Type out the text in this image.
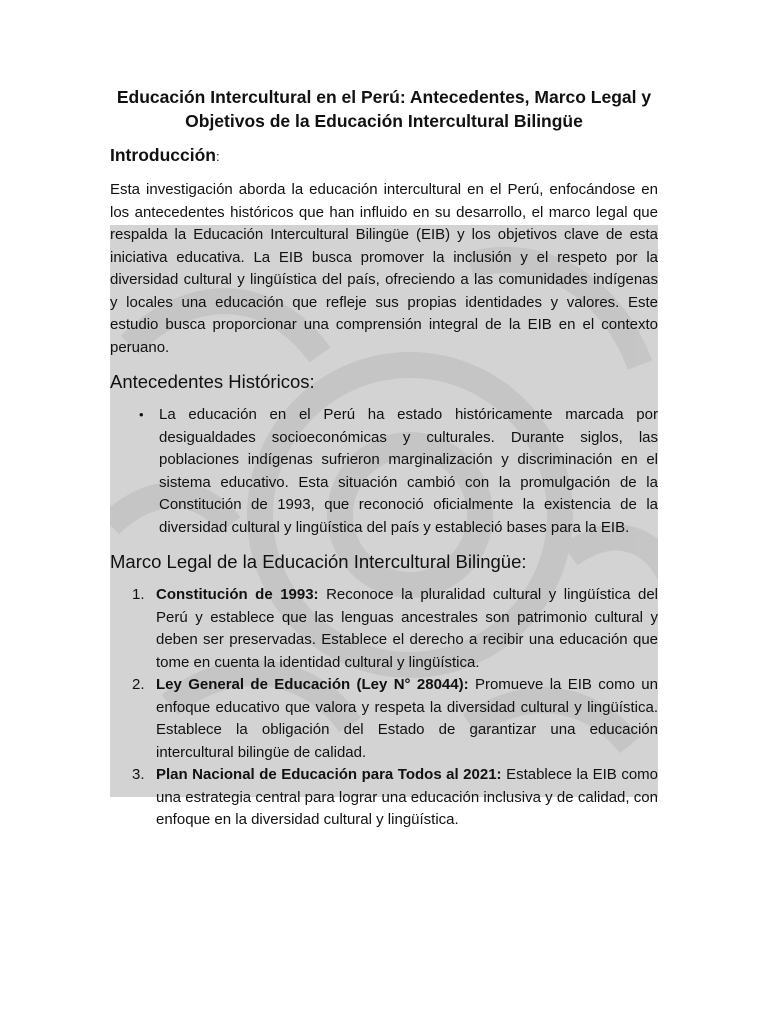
Educación Intercultural en el Perú: Antecedentes, Marco Legal y
Objetivos de la Educación Intercultural Bilingüe
Introducción:

Esta investigación aborda la educación intercultural en el Perú, enfocándose en los antecedentes históricos que han influido en su desarrollo, el marco legal que respalda la Educación Intercultural Bilingüe (EIB) y los objetivos clave de esta iniciativa educativa. La EIB busca promover la inclusión y el respeto por la diversidad cultural y lingüística del país, ofreciendo a las comunidades indígenas y locales una educación que refleje sus propias identidades y valores. Este estudio busca proporcionar una comprensión integral de la EIB en el contexto peruano.

Antecedentes Históricos:
• La educación en el Perú ha estado históricamente marcada por desigualdades socioeconómicas y culturales. Durante siglos, las poblaciones indígenas sufrieron marginalización y discriminación en el sistema educativo. Esta situación cambió con la promulgación de la Constitución de 1993, que reconoció oficialmente la existencia de la diversidad cultural y lingüística del país y estableció bases para la EIB.
Marco Legal de la Educación Intercultural Bilingüe:
1. Constitución de 1993: Reconoce la pluralidad cultural y lingüística del Perú y establece que las lenguas ancestrales son patrimonio cultural y deben ser preservadas. Establece el derecho a recibir una educación que tome en cuenta la identidad cultural y lingüística.
2. Ley General de Educación (Ley N° 28044): Promueve la EIB como un enfoque educativo que valora y respeta la diversidad cultural y lingüística. Establece la obligación del Estado de garantizar una educación intercultural bilingüe de calidad.
3. Plan Nacional de Educación para Todos al 2021: Establece la EIB como una estrategia central para lograr una educación inclusiva y de calidad, con enfoque en la diversidad cultural y lingüística.
